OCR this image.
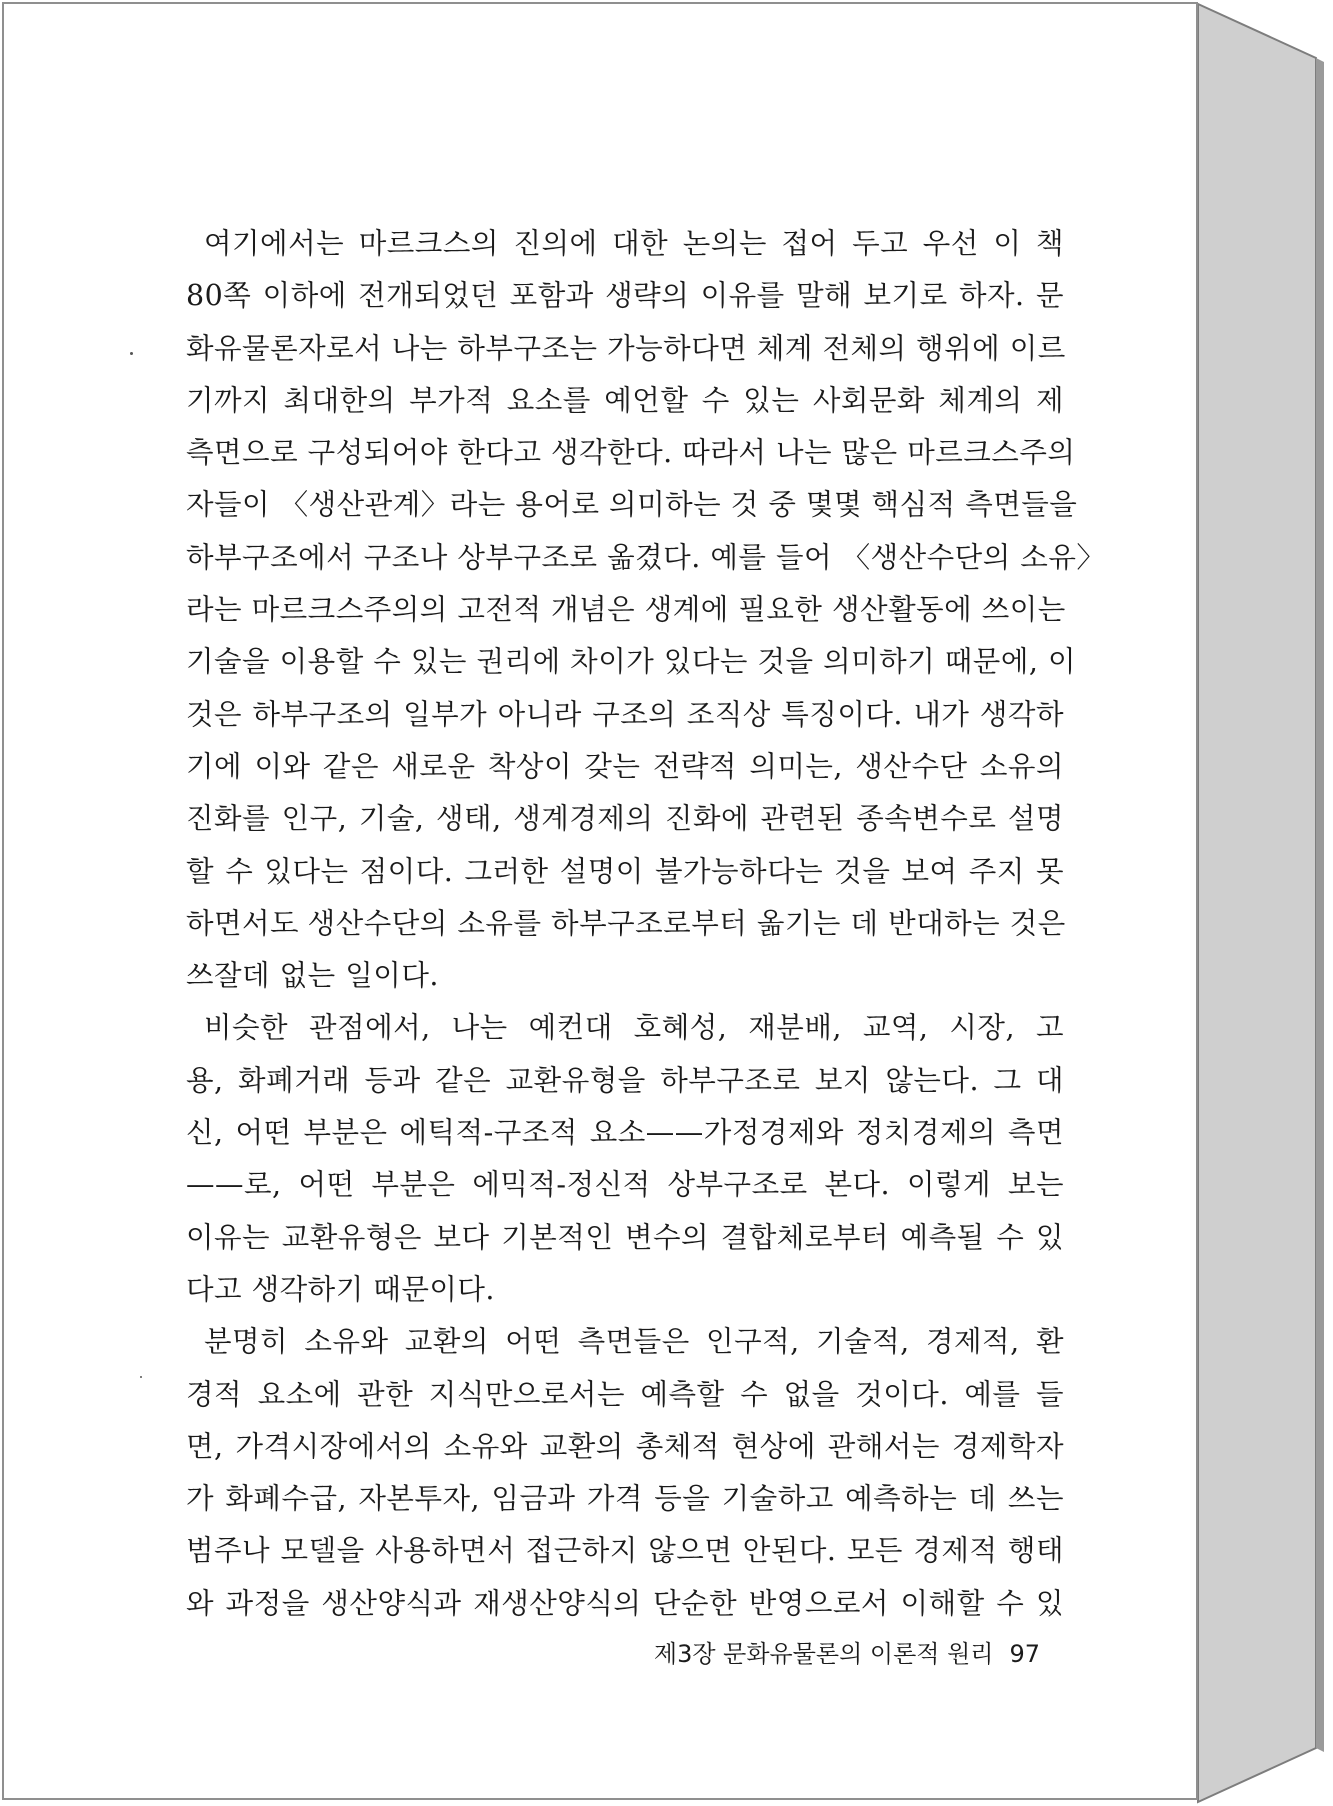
여기에서는 마르크스의 진의에 대한 논의는 접어 두고 우선 이 책
80쪽 이하에 전개되었던 포함과 생략의 이유를 말해 보기로 하자. 문
화유물론자로서 나는 하부구조는 가능하다면 체계 전체의 행위에 이르
기까지 최대한의 부가적 요소를 예언할 수 있는 사회문화 체계의 제
측면으로 구성되어야 한다고 생각한다. 따라서 나는 많은 마르크스주의
자들이 〈생산관계〉라는 용어로 의미하는 것 중 몇몇 핵심적 측면들을
하부구조에서 구조나 상부구조로 옮겼다. 예를 들어 〈생산수단의 소유〉
라는 마르크스주의의 고전적 개념은 생계에 필요한 생산활동에 쓰이는
기술을 이용할 수 있는 권리에 차이가 있다는 것을 의미하기 때문에, 이
것은 하부구조의 일부가 아니라 구조의 조직상 특징이다. 내가 생각하
기에 이와 같은 새로운 착상이 갖는 전략적 의미는, 생산수단 소유의
진화를 인구, 기술, 생태, 생계경제의 진화에 관련된 종속변수로 설명
할 수 있다는 점이다. 그러한 설명이 불가능하다는 것을 보여 주지 못
하면서도 생산수단의 소유를 하부구조로부터 옮기는 데 반대하는 것은
쓰잘데 없는 일이다.
비슷한 관점에서, 나는 예컨대 호혜성, 재분배, 교역, 시장, 고
용, 화폐거래 등과 같은 교환유형을 하부구조로 보지 않는다. 그 대
신, 어떤 부분은 에틱적-구조적 요소——가정경제와 정치경제의 측면
——로, 어떤 부분은 에믹적-정신적 상부구조로 본다. 이렇게 보는
이유는 교환유형은 보다 기본적인 변수의 결합체로부터 예측될 수 있
다고 생각하기 때문이다.
분명히 소유와 교환의 어떤 측면들은 인구적, 기술적, 경제적, 환
경적 요소에 관한 지식만으로서는 예측할 수 없을 것이다. 예를 들
면, 가격시장에서의 소유와 교환의 총체적 현상에 관해서는 경제학자
가 화폐수급, 자본투자, 임금과 가격 등을 기술하고 예측하는 데 쓰는
범주나 모델을 사용하면서 접근하지 않으면 안된다. 모든 경제적 행태
와 과정을 생산양식과 재생산양식의 단순한 반영으로서 이해할 수 있
제3장 문화유물론의 이론적 원리 97
